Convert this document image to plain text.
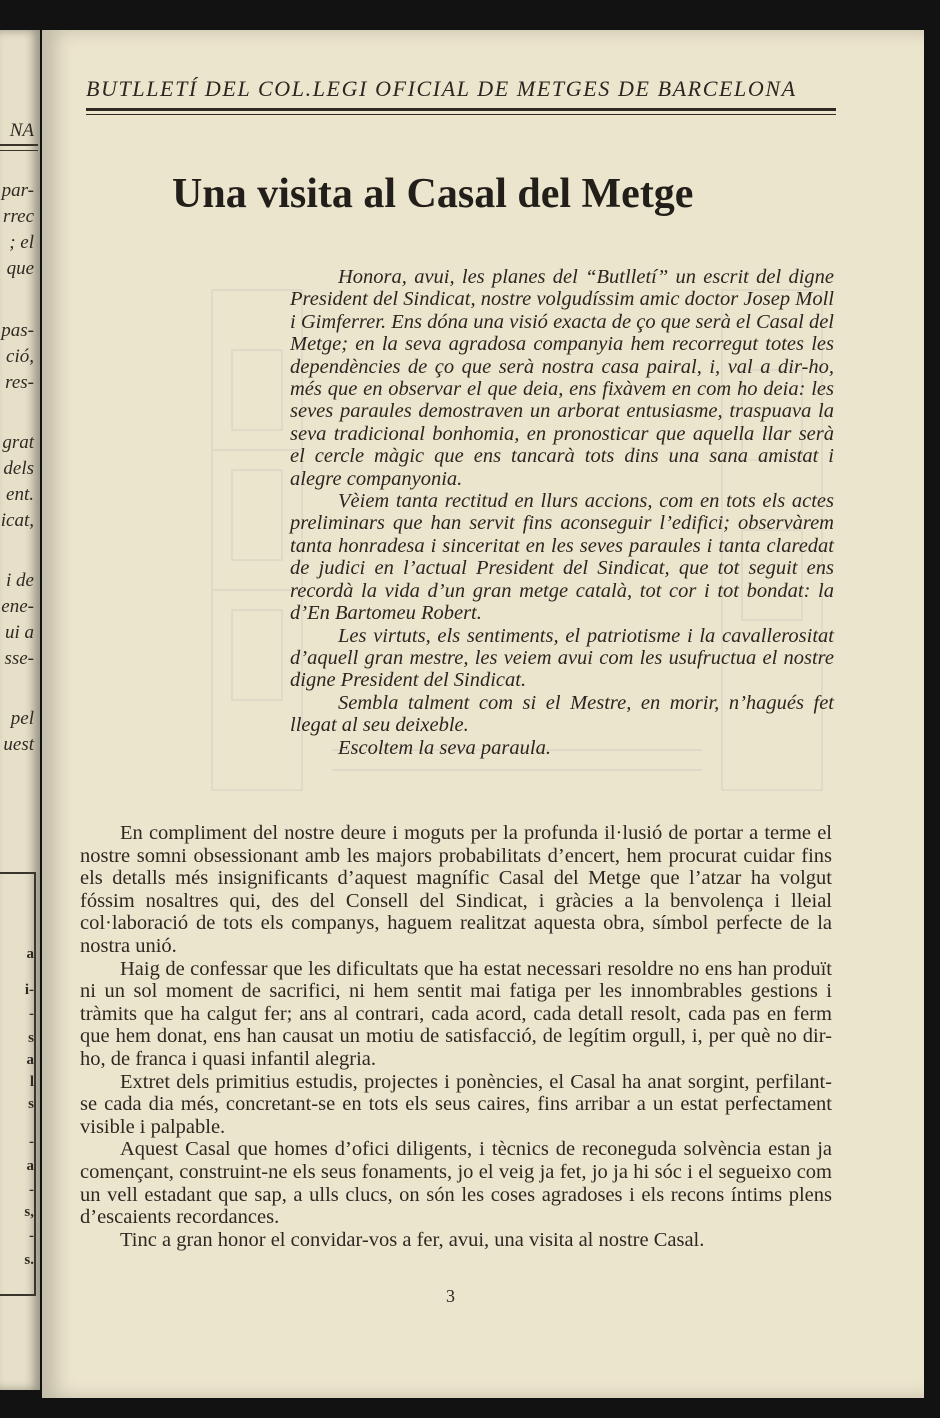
NA
par-
rrec
; el
que
pas-
ció,
res-
grat
dels
ent.
icat,
i de
ene-
ui a
sse-
pel
uest
a
i-
-
s
a
l
s
-
a
-
s,
-
s.
BUTLLETÍ DEL COL.LEGI OFICIAL DE METGES DE BARCELONA
Una visita al Casal del Metge

Honora, avui, les planes del “Butlletí” un escrit del digne President del Sindicat, nostre volgudíssim amic doctor Josep Moll i Gimferrer. Ens dóna una visió exacta de ço que serà el Casal del Metge; en la seva agradosa companyia hem recorregut totes les dependències de ço que serà nostra casa pairal, i, val a dir-ho, més que en observar el que deia, ens fixàvem en com ho deia: les seves paraules demostraven un arborat entusiasme, traspuava la seva tradicional bonhomia, en pronosticar que aquella llar serà el cercle màgic que ens tancarà tots dins una sana amistat i alegre companyonia.

Vèiem tanta rectitud en llurs accions, com en tots els actes preliminars que han servit fins aconseguir l’edifici; observàrem tanta honradesa i sinceritat en les seves paraules i tanta claredat de judici en l’actual President del Sindicat, que tot seguit ens recordà la vida d’un gran metge català, tot cor i tot bondat: la d’En Bartomeu Robert.

Les virtuts, els sentiments, el patriotisme i la cavallerositat d’aquell gran mestre, les veiem avui com les usufructua el nostre digne President del Sindicat.

Sembla talment com si el Mestre, en morir, n’hagués fet llegat al seu deixeble.

Escoltem la seva paraula.

En compliment del nostre deure i moguts per la profunda il·lusió de portar a terme el nostre somni obsessionant amb les majors probabilitats d’encert, hem procurat cuidar fins els detalls més insignificants d’aquest magnífic Casal del Metge que l’atzar ha volgut fóssim nosaltres qui, des del Consell del Sindicat, i gràcies a la benvolença i lleial col·laboració de tots els companys, haguem realitzat aquesta obra, símbol perfecte de la nostra unió.

Haig de confessar que les dificultats que ha estat necessari resoldre no ens han produït ni un sol moment de sacrifici, ni hem sentit mai fatiga per les innombrables gestions i tràmits que ha calgut fer; ans al contrari, cada acord, cada detall resolt, cada pas en ferm que hem donat, ens han causat un motiu de satisfacció, de legítim orgull, i, per què no dir-ho, de franca i quasi infantil alegria.

Extret dels primitius estudis, projectes i ponències, el Casal ha anat sorgint, perfilant-se cada dia més, concretant-se en tots els seus caires, fins arribar a un estat perfectament visible i palpable.

Aquest Casal que homes d’ofici diligents, i tècnics de reconeguda solvència estan ja començant, construint-ne els seus fonaments, jo el veig ja fet, jo ja hi sóc i el segueixo com un vell estadant que sap, a ulls clucs, on són les coses agradoses i els recons íntims plens d’escaients recordances.

Tinc a gran honor el convidar-vos a fer, avui, una visita al nostre Casal.

3
